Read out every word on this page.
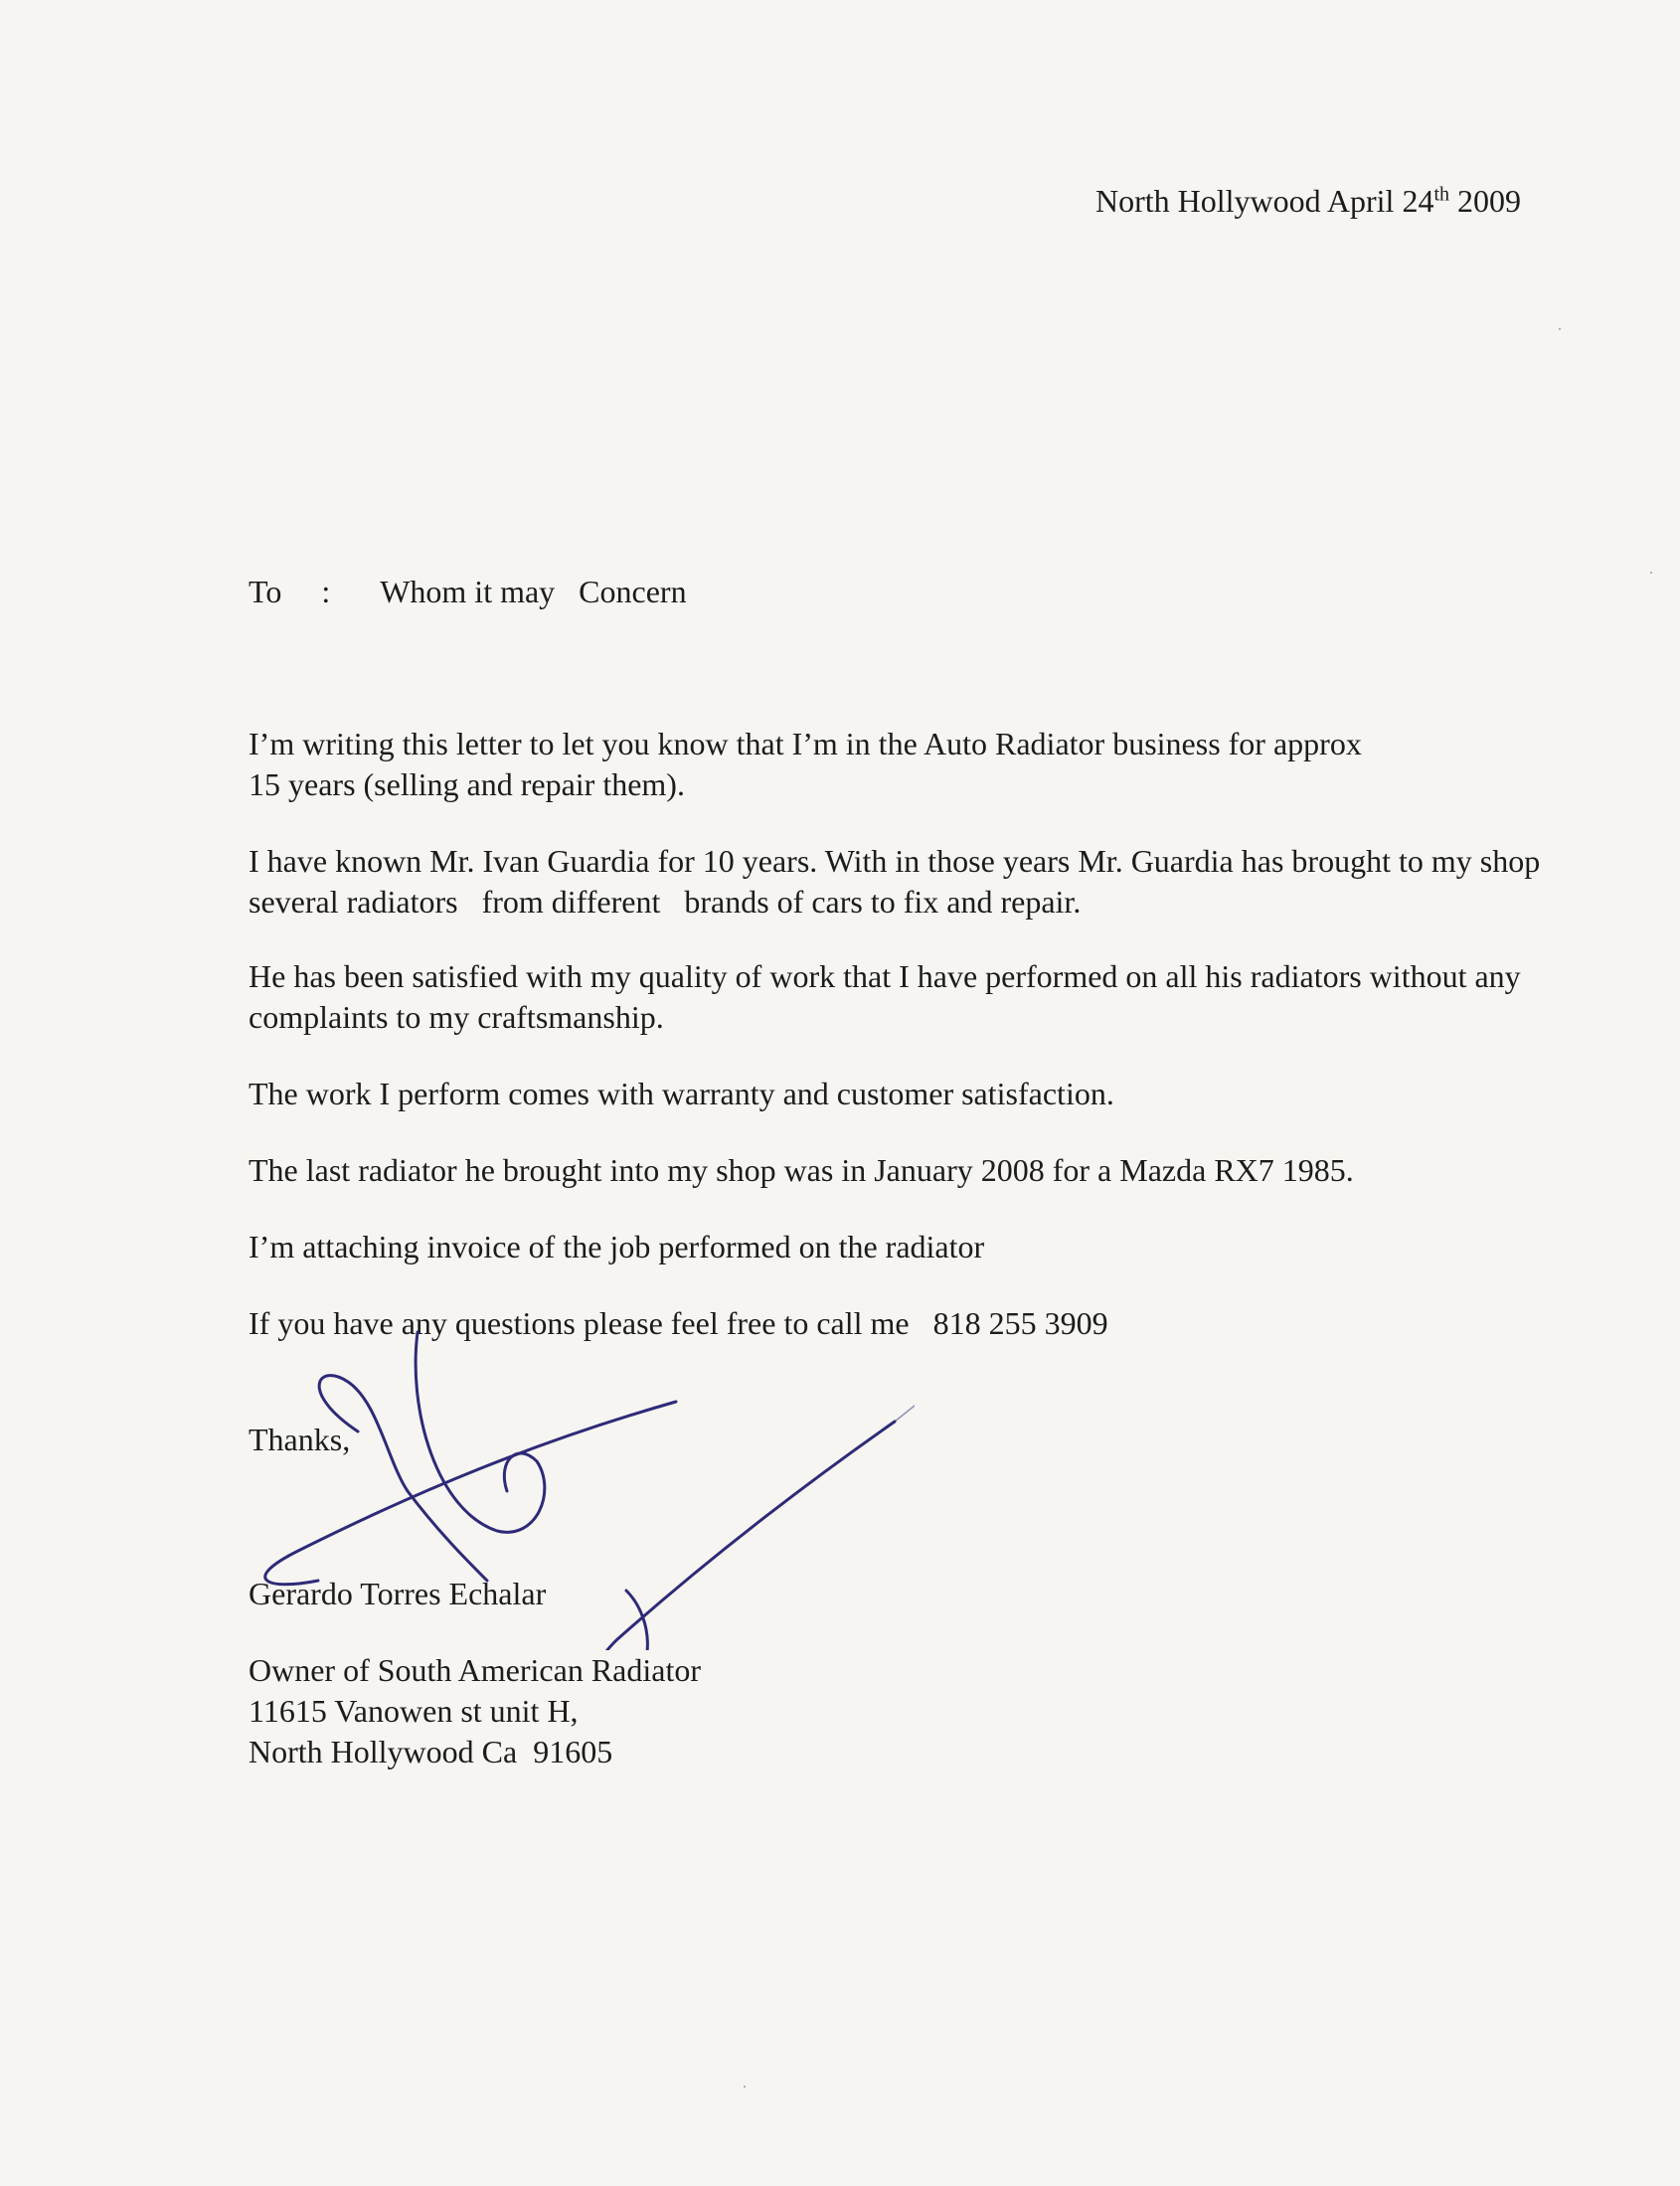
North Hollywood April 24th 2009
To : Whom it may   Concern
I’m writing this letter to let you know that I’m in the Auto Radiator business for approx
15 years (selling and repair them).
I have known Mr. Ivan Guardia for 10 years. With in those years Mr. Guardia has brought to my shop
several radiators   from different   brands of cars to fix and repair.
He has been satisfied with my quality of work that I have performed on all his radiators without any
complaints to my craftsmanship.
The work I perform comes with warranty and customer satisfaction.
The last radiator he brought into my shop was in January 2008 for a Mazda RX7 1985.
I’m attaching invoice of the job performed on the radiator
If you have any questions please feel free to call me   818 255 3909
Thanks,
Gerardo Torres Echalar
Owner of South American Radiator
11615 Vanowen st unit H,
North Hollywood Ca  91605
